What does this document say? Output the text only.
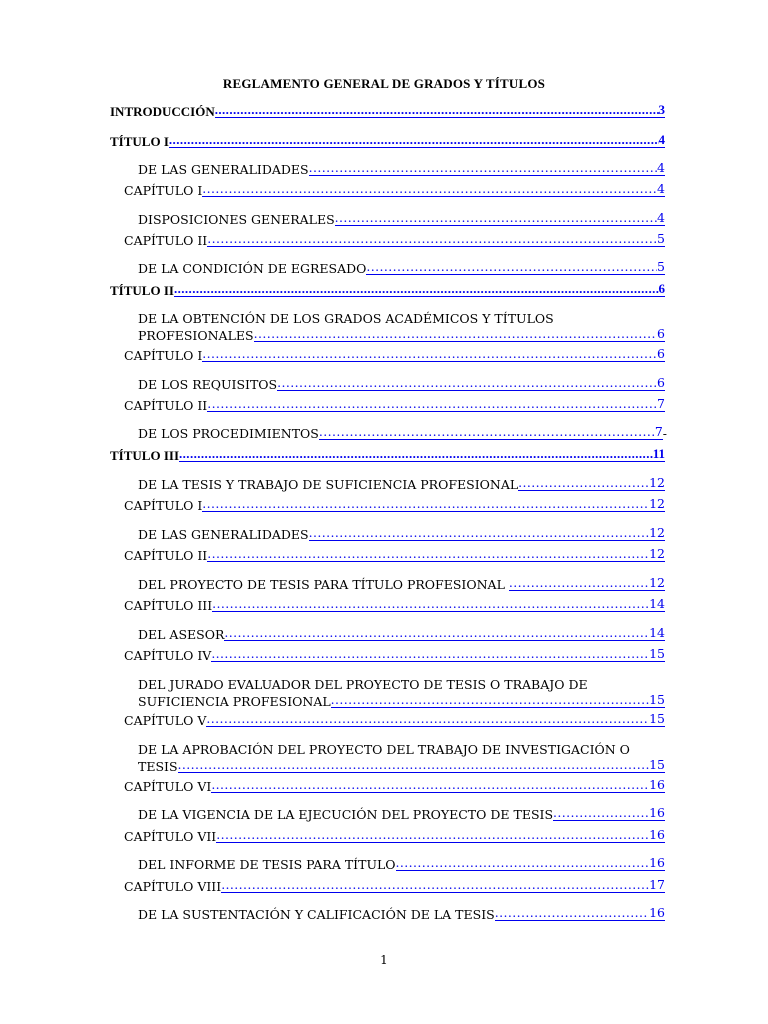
REGLAMENTO GENERAL DE GRADOS Y TÍTULOS
INTRODUCCIÓN .....	3
TÍTULO I .....	4
DE LAS GENERALIDADES .....	4
CAPÍTULO I .....	4
DISPOSICIONES GENERALES .....	4
CAPÍTULO II .....	5
DE LA CONDICIÓN DE EGRESADO .....	5
TÍTULO II .....	6
DE LA OBTENCIÓN DE LOS GRADOS ACADÉMICOS Y TÍTULOS
PROFESIONALES .....	6
CAPÍTULO I .....	6
DE LOS REQUISITOS .....	6
CAPÍTULO II .....	7
DE LOS PROCEDIMIENTOS .....	7 -
TÍTULO III .....	11
DE LA TESIS Y TRABAJO DE SUFICIENCIA PROFESIONAL .....	12
CAPÍTULO I .....	12
DE LAS GENERALIDADES .....	12
CAPÍTULO II .....	12
DEL PROYECTO DE TESIS PARA TÍTULO PROFESIONAL .....	12
CAPÍTULO III .....	14
DEL ASESOR .....	14
CAPÍTULO IV .....	15
DEL JURADO EVALUADOR DEL PROYECTO DE TESIS O TRABAJO DE
SUFICIENCIA PROFESIONAL .....	15
CAPÍTULO V .....	15
DE LA APROBACIÓN DEL PROYECTO DEL TRABAJO DE INVESTIGACIÓN O
TESIS .....	15
CAPÍTULO VI .....	16
DE LA VIGENCIA DE LA EJECUCIÓN DEL PROYECTO DE TESIS .....	16
CAPÍTULO VII .....	16
DEL INFORME DE TESIS PARA TÍTULO .....	16
CAPÍTULO VIII .....	17
DE LA SUSTENTACIÓN Y CALIFICACIÓN DE LA TESIS .....	16
1
